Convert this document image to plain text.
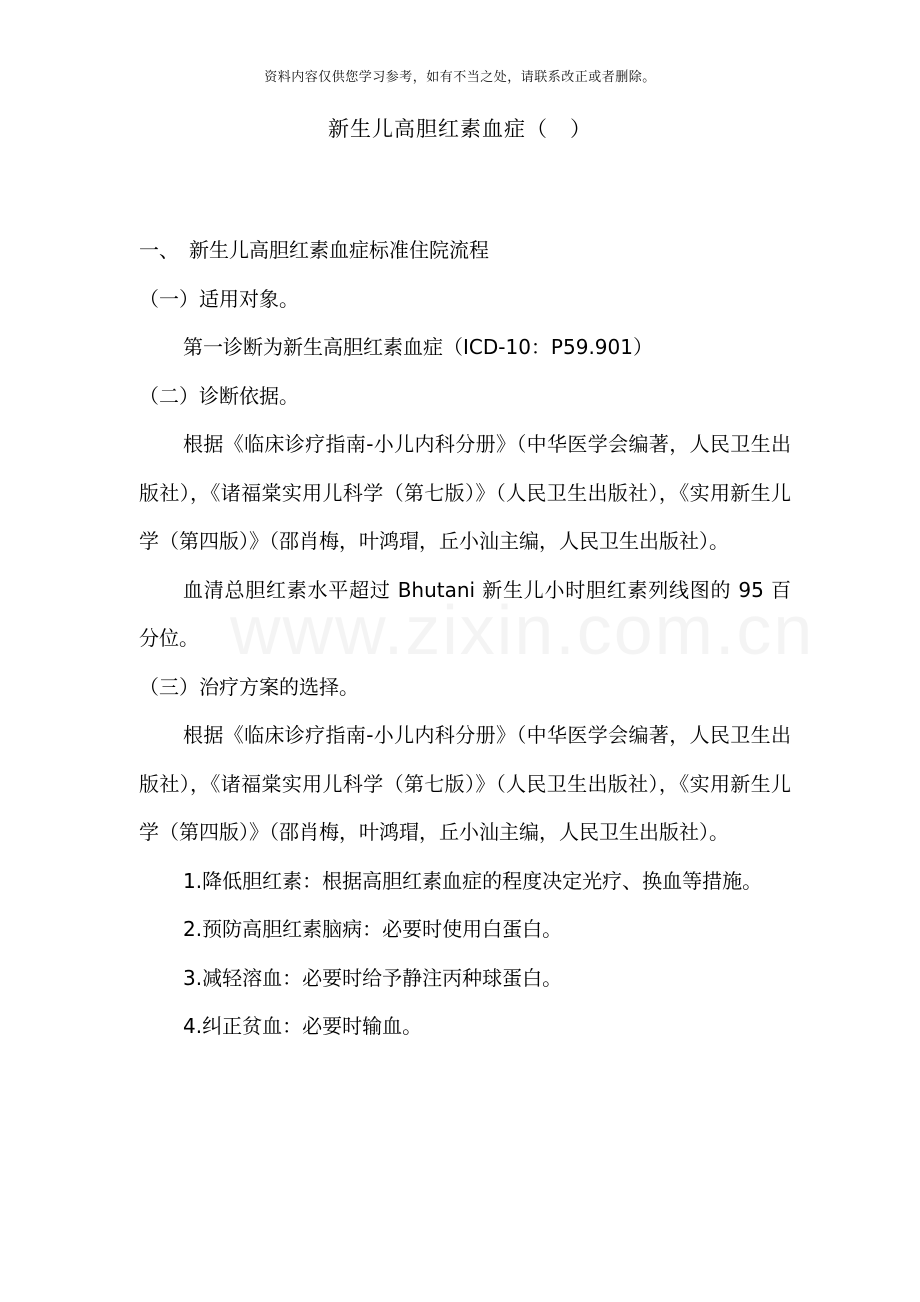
资料内容仅供您学习参考，如有不当之处，请联系改正或者删除。
新生儿高胆红素血症（　）

一、　新生儿高胆红素血症标准住院流程

（一）适用对象。

第一诊断为新生高胆红素血症（ICD-10：P59.901）

（二）诊断依据。

根据《临床诊疗指南-小儿内科分册》（中华医学会编著，人民卫生出版社），《诸福棠实用儿科学（第七版）》（人民卫生出版社），《实用新生儿学（第四版）》（邵肖梅，叶鸿瑁，丘小汕主编，人民卫生出版社）。

血清总胆红素水平超过 Bhutani 新生儿小时胆红素列线图的 95 百分位。

（三）治疗方案的选择。

根据《临床诊疗指南-小儿内科分册》（中华医学会编著，人民卫生出版社），《诸福棠实用儿科学（第七版）》（人民卫生出版社），《实用新生儿学（第四版）》（邵肖梅，叶鸿瑁，丘小汕主编，人民卫生出版社）。

1.降低胆红素：根据高胆红素血症的程度决定光疗、换血等措施。

2.预防高胆红素脑病：必要时使用白蛋白。

3.减轻溶血：必要时给予静注丙种球蛋白。

4.纠正贫血：必要时输血。
